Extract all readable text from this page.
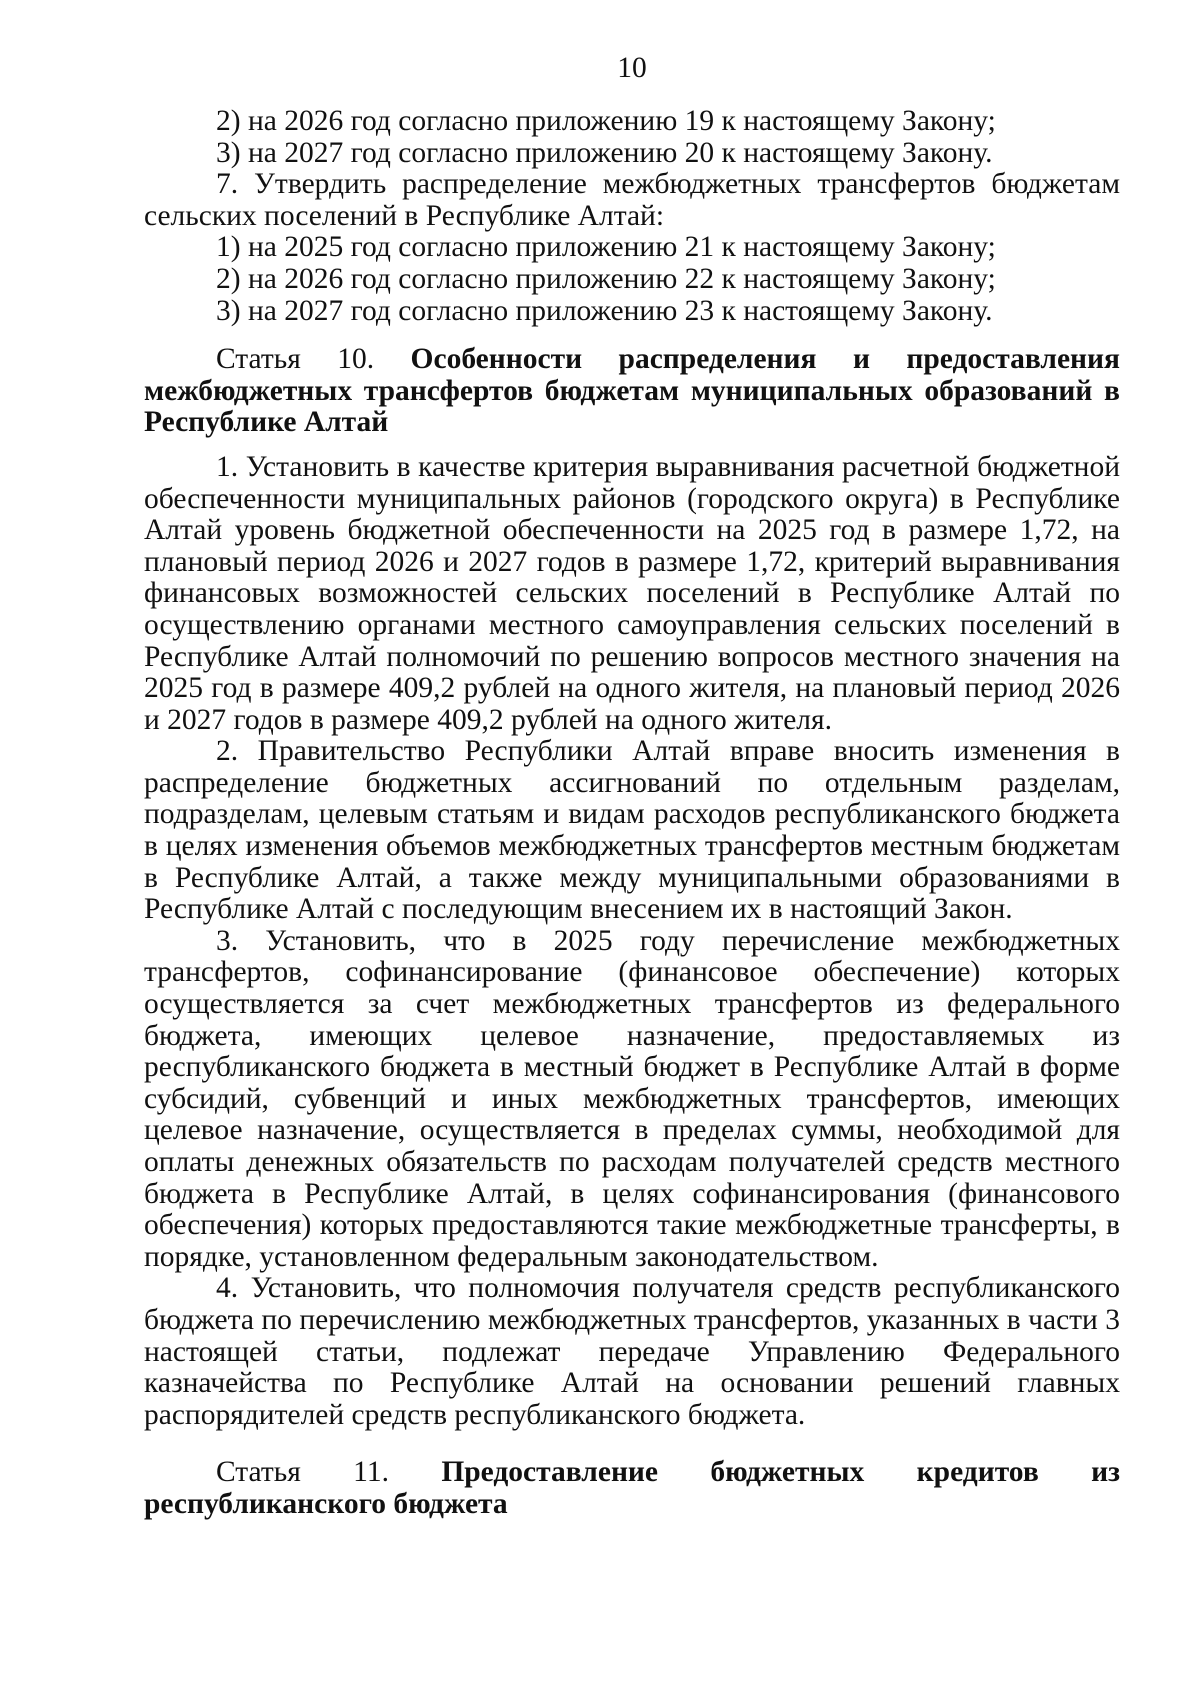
10

2) на 2026 год согласно приложению 19 к настоящему Закону;

3) на 2027 год согласно приложению 20 к настоящему Закону.

7. Утвердить распределение межбюджетных трансфертов бюджетам сельских поселений в Республике Алтай:

1) на 2025 год согласно приложению 21 к настоящему Закону;

2) на 2026 год согласно приложению 22 к настоящему Закону;

3) на 2027 год согласно приложению 23 к настоящему Закону.

Статья 10. Особенности распределения и предоставления межбюджетных трансфертов бюджетам муниципальных образований в Республике Алтай

1. Установить в качестве критерия выравнивания расчетной бюджетной обеспеченности муниципальных районов (городского округа) в Республике Алтай уровень бюджетной обеспеченности на 2025 год в размере 1,72, на плановый период 2026 и 2027 годов в размере 1,72, критерий выравнивания финансовых возможностей сельских поселений в Республике Алтай по осуществлению органами местного самоуправления сельских поселений в Республике Алтай полномочий по решению вопросов местного значения на 2025 год в размере 409,2 рублей на одного жителя, на плановый период 2026 и 2027 годов в размере 409,2 рублей на одного жителя.

2. Правительство Республики Алтай вправе вносить изменения в распределение бюджетных ассигнований по отдельным разделам, подразделам, целевым статьям и видам расходов республиканского бюджета в целях изменения объемов межбюджетных трансфертов местным бюджетам в Республике Алтай, а также между муниципальными образованиями в Республике Алтай с последующим внесением их в настоящий Закон.

3. Установить, что в 2025 году перечисление межбюджетных трансфертов, софинансирование (финансовое обеспечение) которых осуществляется за счет межбюджетных трансфертов из федерального бюджета, имеющих целевое назначение, предоставляемых из республиканского бюджета в местный бюджет в Республике Алтай в форме субсидий, субвенций и иных межбюджетных трансфертов, имеющих целевое назначение, осуществляется в пределах суммы, необходимой для оплаты денежных обязательств по расходам получателей средств местного бюджета в Республике Алтай, в целях софинансирования (финансового обеспечения) которых предоставляются такие межбюджетные трансферты, в порядке, установленном федеральным законодательством.

4. Установить, что полномочия получателя средств республиканского бюджета по перечислению межбюджетных трансфертов, указанных в части 3 настоящей статьи, подлежат передаче Управлению Федерального казначейства по Республике Алтай на основании решений главных распорядителей средств республиканского бюджета.

Статья 11. Предоставление бюджетных кредитов из республиканского бюджета
